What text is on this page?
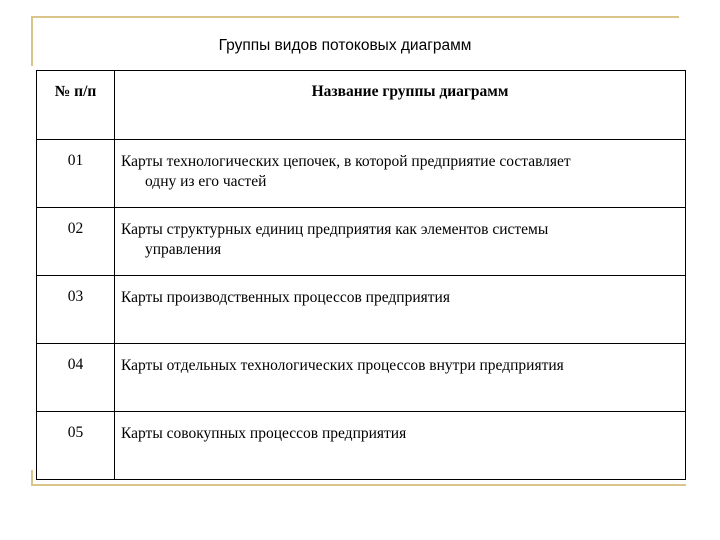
Группы видов потоковых диаграмм
№ п/п	Название группы диаграмм
01	Карты технологических цепочек, в которой предприятие составляет
одну из его частей

02	Карты структурных единиц предприятия как элементов системы
управления

03	Карты производственных процессов предприятия

04	Карты отдельных технологических процессов внутри предприятия

05	Карты совокупных процессов предприятия
